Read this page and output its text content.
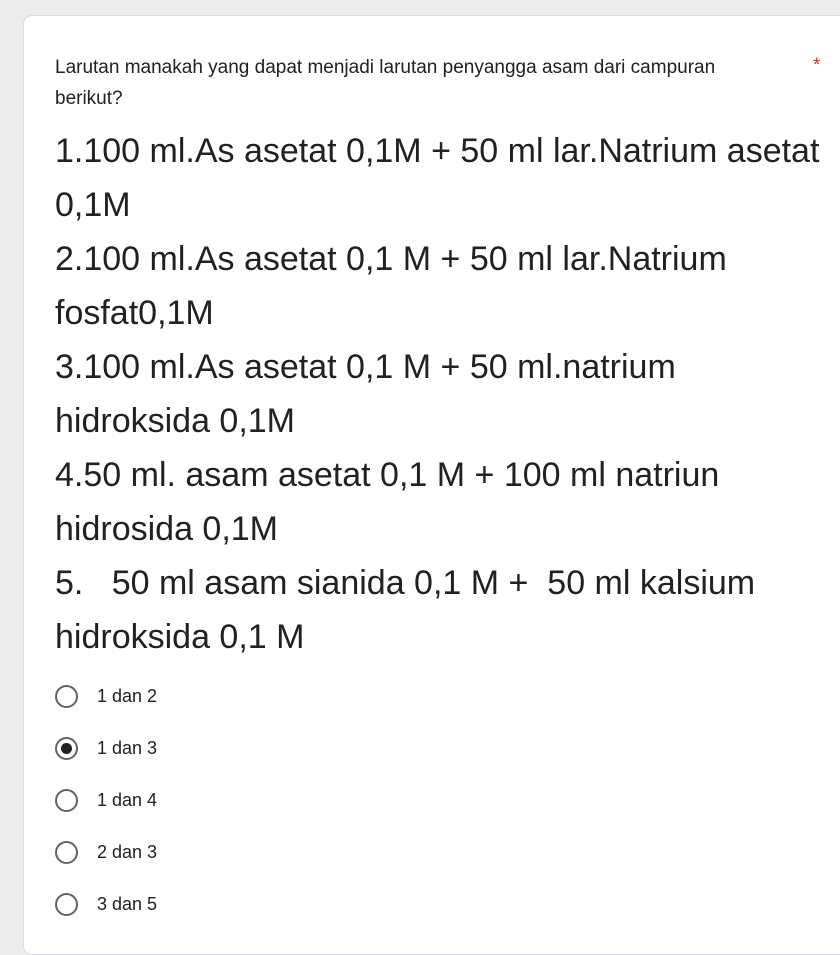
Larutan manakah yang dapat menjadi larutan penyangga asam dari campuran berikut?
*

1.100 ml.As asetat 0,1M + 50 ml lar.Natrium asetat 0,1M

2.100 ml.As asetat 0,1 M + 50 ml lar.Natrium fosfat0,1M

3.100 ml.As asetat 0,1 M + 50 ml.natrium hidroksida 0,1M

4.50 ml. asam asetat 0,1 M + 100 ml natriun hidrosida 0,1M

5.   50 ml asam sianida 0,1 M +  50 ml kalsium hidroksida 0,1 M

1 dan 2
1 dan 3
1 dan 4
2 dan 3
3 dan 5
